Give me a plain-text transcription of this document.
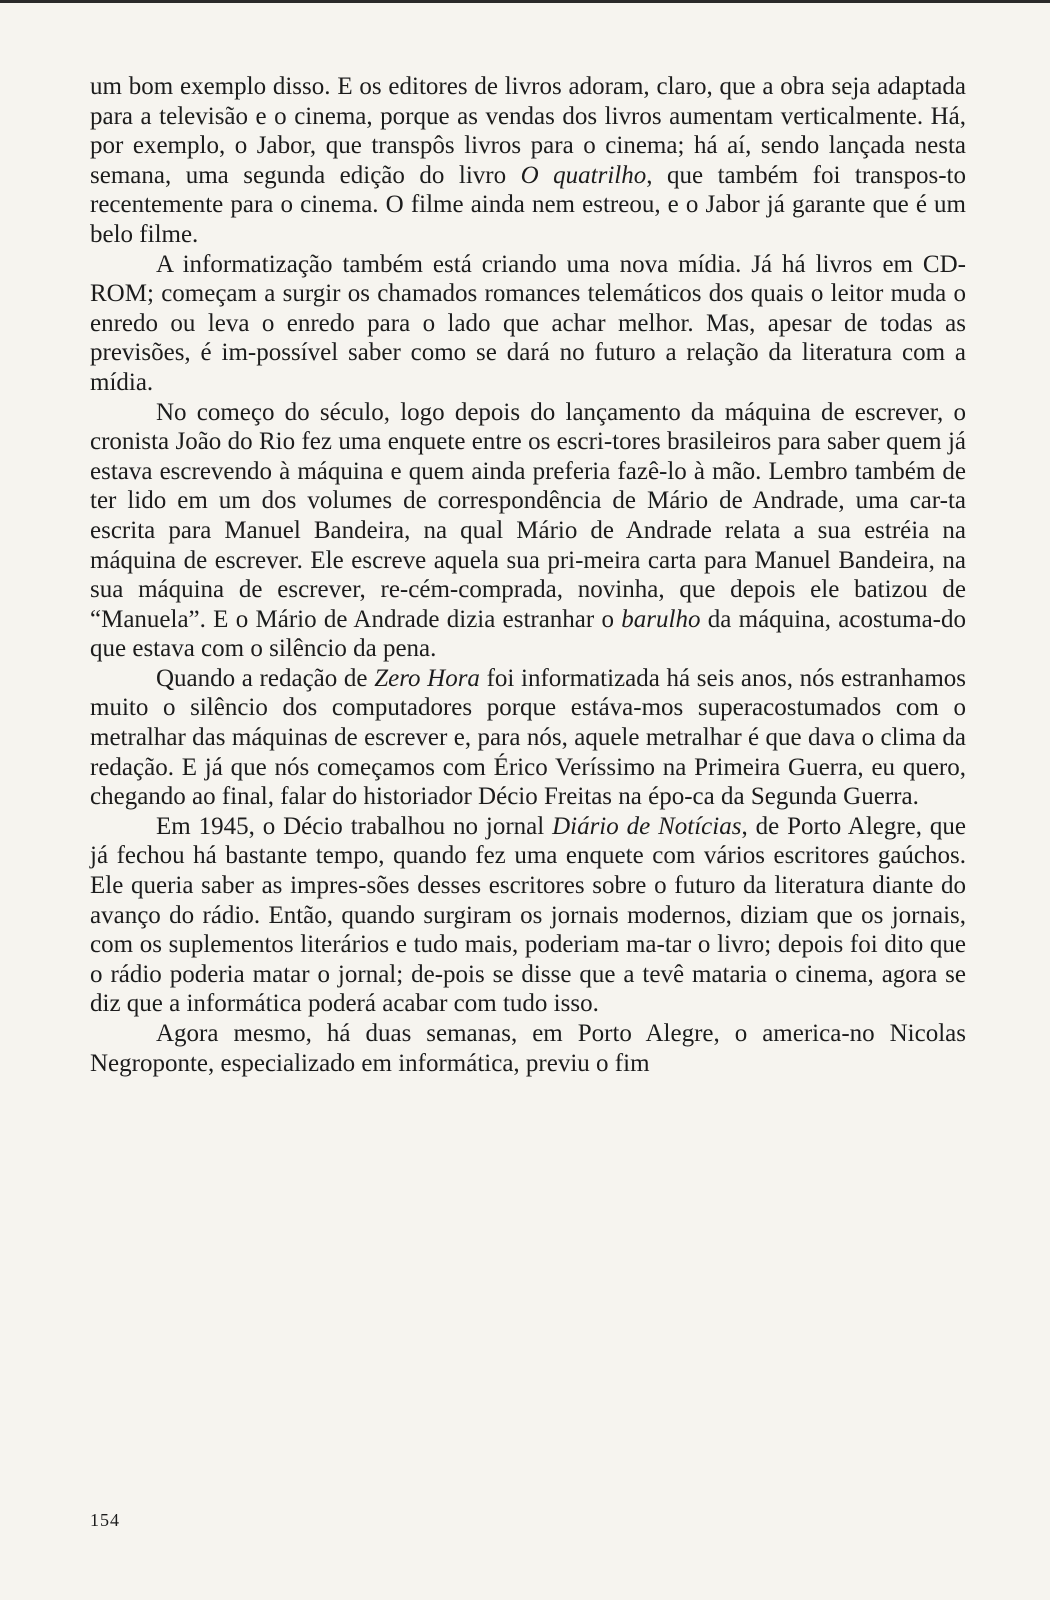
um bom exemplo disso. E os editores de livros adoram, claro, que a obra seja adaptada para a televisão e o cinema, porque as vendas dos livros aumentam verticalmente. Há, por exemplo, o Jabor, que transpôs livros para o cinema; há aí, sendo lançada nesta semana, uma segunda edição do livro O quatrilho, que também foi transpos-to recentemente para o cinema. O filme ainda nem estreou, e o Jabor já garante que é um belo filme.

A informatização também está criando uma nova mídia. Já há livros em CD-ROM; começam a surgir os chamados romances telemáticos dos quais o leitor muda o enredo ou leva o enredo para o lado que achar melhor. Mas, apesar de todas as previsões, é im-possível saber como se dará no futuro a relação da literatura com a mídia.

No começo do século, logo depois do lançamento da máquina de escrever, o cronista João do Rio fez uma enquete entre os escri-tores brasileiros para saber quem já estava escrevendo à máquina e quem ainda preferia fazê-lo à mão. Lembro também de ter lido em um dos volumes de correspondência de Mário de Andrade, uma car-ta escrita para Manuel Bandeira, na qual Mário de Andrade relata a sua estréia na máquina de escrever. Ele escreve aquela sua pri-meira carta para Manuel Bandeira, na sua máquina de escrever, re-cém-comprada, novinha, que depois ele batizou de “Manuela”. E o Mário de Andrade dizia estranhar o barulho da máquina, acostuma-do que estava com o silêncio da pena.

Quando a redação de Zero Hora foi informatizada há seis anos, nós estranhamos muito o silêncio dos computadores porque estáva-mos superacostumados com o metralhar das máquinas de escrever e, para nós, aquele metralhar é que dava o clima da redação. E já que nós começamos com Érico Veríssimo na Primeira Guerra, eu quero, chegando ao final, falar do historiador Décio Freitas na épo-ca da Segunda Guerra.

Em 1945, o Décio trabalhou no jornal Diário de Notícias, de Porto Alegre, que já fechou há bastante tempo, quando fez uma enquete com vários escritores gaúchos. Ele queria saber as impres-sões desses escritores sobre o futuro da literatura diante do avanço do rádio. Então, quando surgiram os jornais modernos, diziam que os jornais, com os suplementos literários e tudo mais, poderiam ma-tar o livro; depois foi dito que o rádio poderia matar o jornal; de-pois se disse que a tevê mataria o cinema, agora se diz que a informática poderá acabar com tudo isso.

Agora mesmo, há duas semanas, em Porto Alegre, o america-no Nicolas Negroponte, especializado em informática, previu o fim

154
